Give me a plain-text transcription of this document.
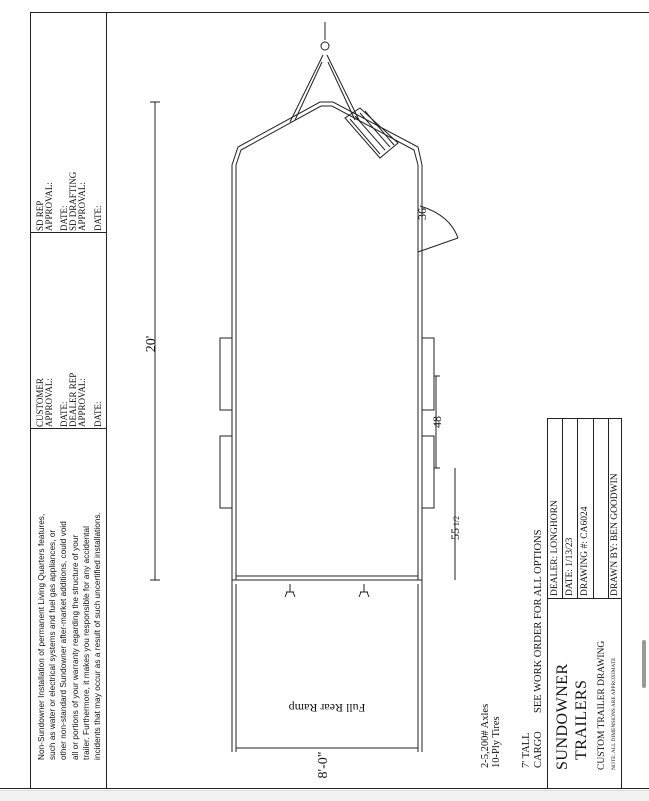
Non-Sundowner Installation of permanent Living Quarters features, such as water or electrical systems and fuel gas appliances, or other non-standard Sundowner after-market additions, could void all or portions of your warranty regarding the structure of your trailer. Furthermore, it makes you responsible for any accidental incidents that may occur as a result of such uncertified installations.
CUSTOMER APPROVAL: DATE: DEALER REP APPROVAL: DATE:
SD REP APPROVAL: DATE: SD DRAFTING APPROVAL: DATE:
2-5,200# Axles 10-Ply Tires 7' TALL CARGO
SEE WORK ORDER FOR ALL OPTIONS
SUNDOWNER TRAILERS CUSTOM TRAILER DRAWING NOTE: ALL DIMENSIONS ARE APPROXIMATE
DEALER: LONGHORN DATE: 1/13/23 DRAWING #: CA6024 DRAWN BY: BEN GOODWIN
20'
8'-0"
36
48
55
1/2
Full Rear Ramp
